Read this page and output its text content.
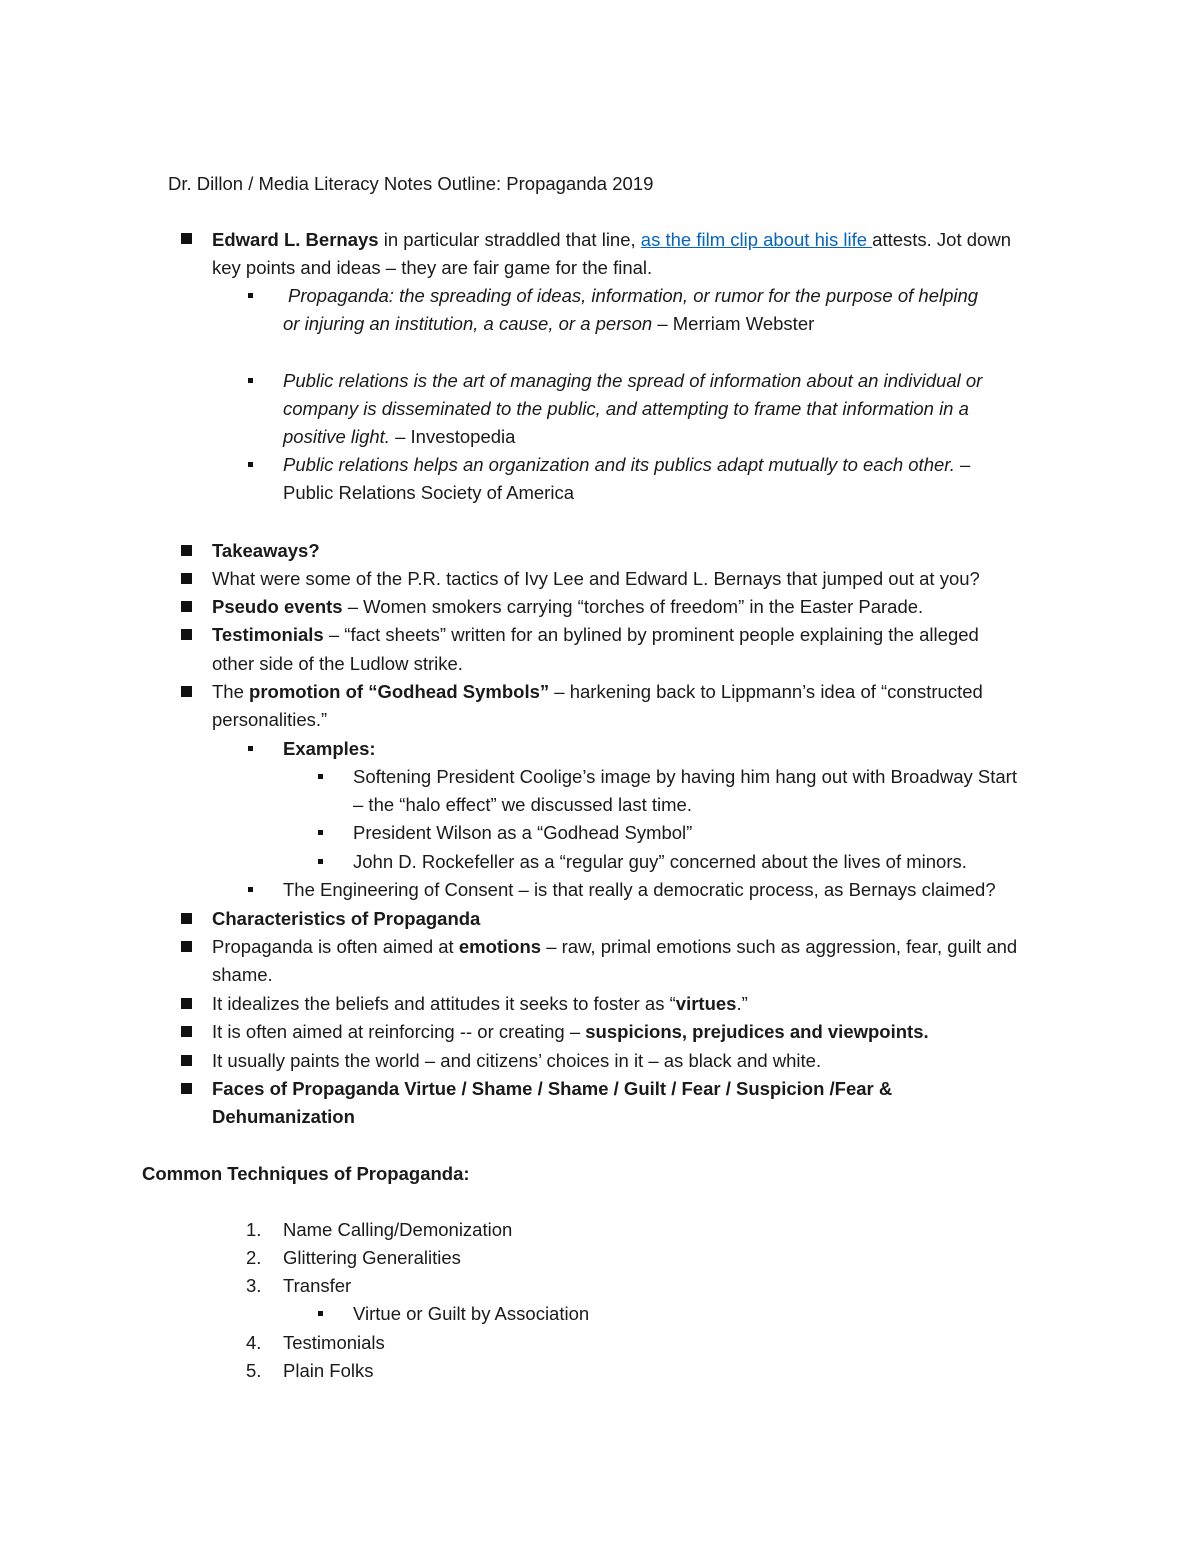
Dr. Dillon / Media Literacy Notes Outline: Propaganda 2019
Edward L. Bernays in particular straddled that line, as the film clip about his life attests. Jot down
key points and ideas – they are fair game for the final.
Propaganda: the spreading of ideas, information, or rumor for the purpose of helping
or injuring an institution, a cause, or a person – Merriam Webster
Public relations is the art of managing the spread of information about an individual or
company is disseminated to the public, and attempting to frame that information in a
positive light. – Investopedia
Public relations helps an organization and its publics adapt mutually to each other. –
Public Relations Society of America
Takeaways?
What were some of the P.R. tactics of Ivy Lee and Edward L. Bernays that jumped out at you?
Pseudo events – Women smokers carrying “torches of freedom” in the Easter Parade.
Testimonials – “fact sheets” written for an bylined by prominent people explaining the alleged
other side of the Ludlow strike.
The promotion of “Godhead Symbols” – harkening back to Lippmann’s idea of “constructed
personalities.”
Examples:
Softening President Coolige’s image by having him hang out with Broadway Start
– the “halo effect” we discussed last time.
President Wilson as a “Godhead Symbol”
John D. Rockefeller as a “regular guy” concerned about the lives of minors.
The Engineering of Consent – is that really a democratic process, as Bernays claimed?
Characteristics of Propaganda
Propaganda is often aimed at emotions – raw, primal emotions such as aggression, fear, guilt and
shame.
It idealizes the beliefs and attitudes it seeks to foster as “virtues.”
It is often aimed at reinforcing -- or creating – suspicions, prejudices and viewpoints.
It usually paints the world – and citizens’ choices in it – as black and white.
Faces of Propaganda Virtue / Shame / Shame / Guilt / Fear / Suspicion /Fear &
Dehumanization
Common Techniques of Propaganda:
1. Name Calling/Demonization
2. Glittering Generalities
3. Transfer
Virtue or Guilt by Association
4. Testimonials
5. Plain Folks
